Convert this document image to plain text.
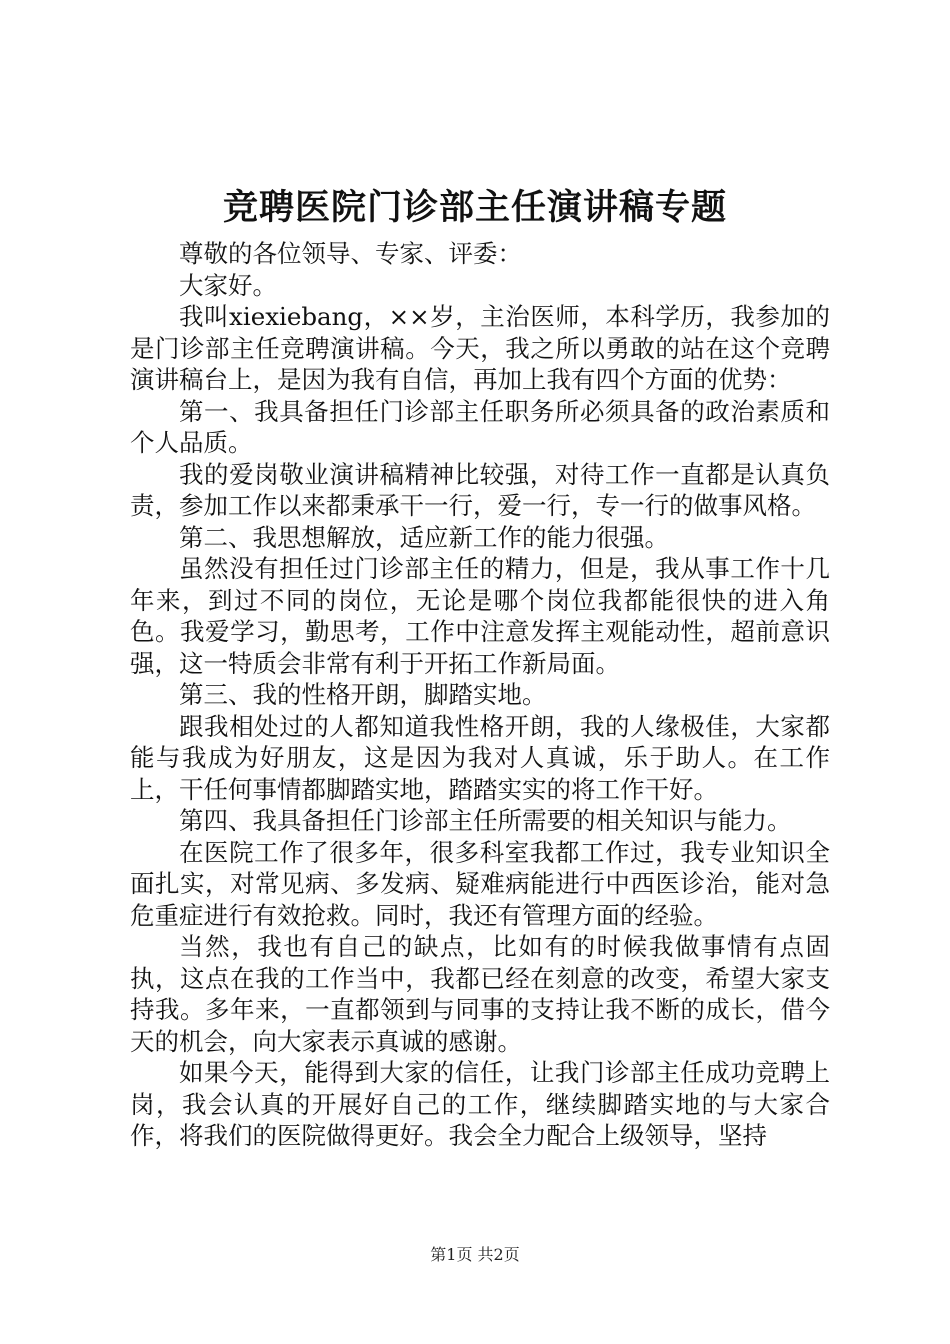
竞聘医院门诊部主任演讲稿专题

尊敬的各位领导、专家、评委：

大家好。

我叫xiexiebang，××岁，主治医师，本科学历，我参加的是门诊部主任竞聘演讲稿。今天，我之所以勇敢的站在这个竞聘演讲稿台上，是因为我有自信，再加上我有四个方面的优势：

第一、我具备担任门诊部主任职务所必须具备的政治素质和个人品质。

我的爱岗敬业演讲稿精神比较强，对待工作一直都是认真负责，参加工作以来都秉承干一行，爱一行，专一行的做事风格。

第二、我思想解放，适应新工作的能力很强。

虽然没有担任过门诊部主任的精力，但是，我从事工作十几年来，到过不同的岗位，无论是哪个岗位我都能很快的进入角色。我爱学习，勤思考，工作中注意发挥主观能动性，超前意识强，这一特质会非常有利于开拓工作新局面。

第三、我的性格开朗，脚踏实地。

跟我相处过的人都知道我性格开朗，我的人缘极佳，大家都能与我成为好朋友，这是因为我对人真诚，乐于助人。在工作上，干任何事情都脚踏实地，踏踏实实的将工作干好。

第四、我具备担任门诊部主任所需要的相关知识与能力。

在医院工作了很多年，很多科室我都工作过，我专业知识全面扎实，对常见病、多发病、疑难病能进行中西医诊治，能对急危重症进行有效抢救。同时，我还有管理方面的经验。

当然，我也有自己的缺点，比如有的时候我做事情有点固执，这点在我的工作当中，我都已经在刻意的改变，希望大家支持我。多年来，一直都领到与同事的支持让我不断的成长，借今天的机会，向大家表示真诚的感谢。

如果今天，能得到大家的信任，让我门诊部主任成功竞聘上岗，我会认真的开展好自己的工作，继续脚踏实地的与大家合作，将我们的医院做得更好。我会全力配合上级领导，坚持

第1页 共2页
